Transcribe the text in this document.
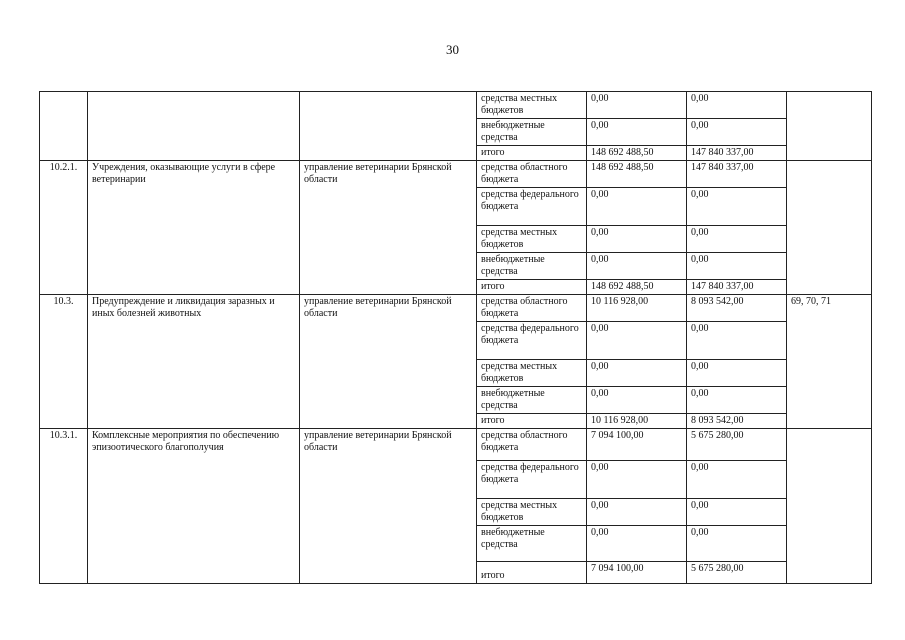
30
			средства местных бюджетов	0,00	0,00	
			внебюджетные средства	0,00	0,00	
			итого	148 692 488,50	147 840 337,00	
10.2.1.	Учреждения, оказывающие услуги в сфере ветеринарии	управление ветеринарии Брянской области	средства областного бюджета	148 692 488,50	147 840 337,00	
			средства федерального бюджета	0,00	0,00	
			средства местных бюджетов	0,00	0,00	
			внебюджетные средства	0,00	0,00	
			итого	148 692 488,50	147 840 337,00	
10.3.	Предупреждение и ликвидация заразных и иных болезней животных	управление ветеринарии Брянской области	средства областного бюджета	10 116 928,00	8 093 542,00	69, 70, 71
			средства федерального бюджета	0,00	0,00	
			средства местных бюджетов	0,00	0,00	
			внебюджетные средства	0,00	0,00	
			итого	10 116 928,00	8 093 542,00	
10.3.1.	Комплексные мероприятия по обеспечению эпизоотического благополучия	управление ветеринарии Брянской области	средства областного бюджета	7 094 100,00	5 675 280,00	
			средства федерального бюджета	0,00	0,00	
			средства местных бюджетов	0,00	0,00	
			внебюджетные средства	0,00	0,00	
			итого	7 094 100,00	5 675 280,00	
